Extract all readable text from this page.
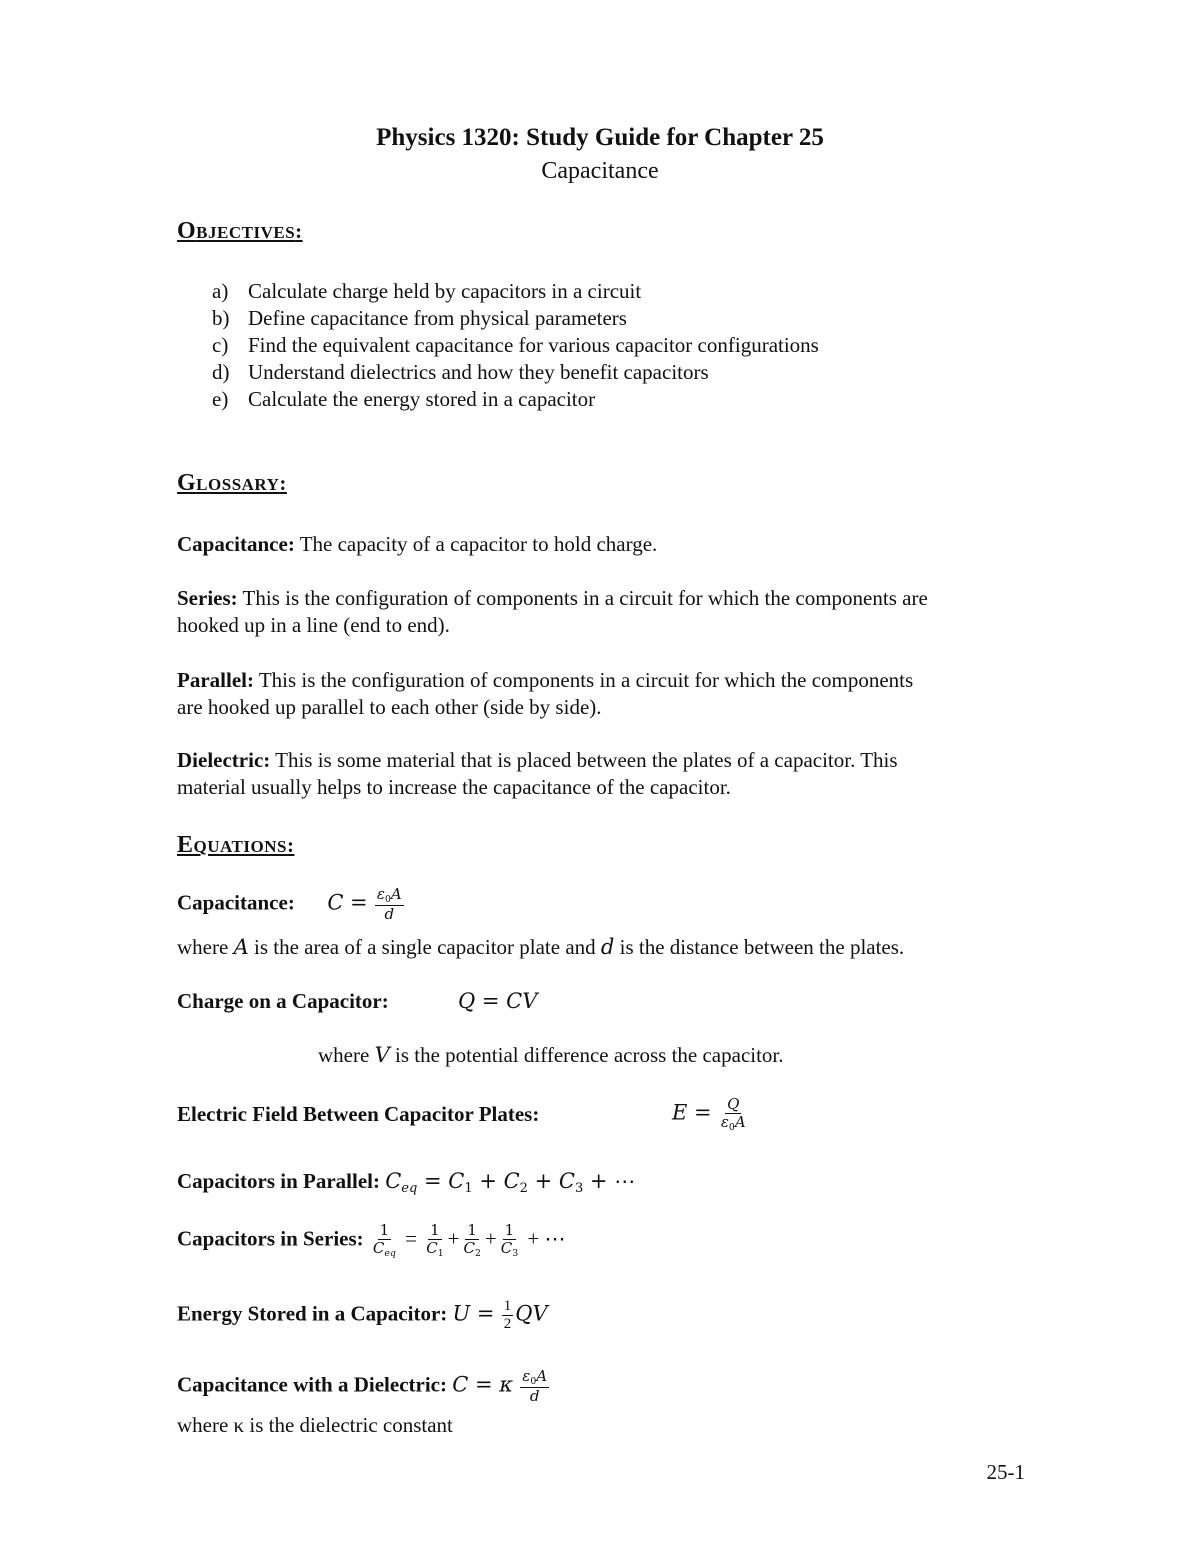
Physics 1320: Study Guide for Chapter 25
Capacitance
OBJECTIVES:
a) Calculate charge held by capacitors in a circuit
b) Define capacitance from physical parameters
c) Find the equivalent capacitance for various capacitor configurations
d) Understand dielectrics and how they benefit capacitors
e) Calculate the energy stored in a capacitor
GLOSSARY:
Capacitance: The capacity of a capacitor to hold charge.
Series: This is the configuration of components in a circuit for which the components are
hooked up in a line (end to end).
Parallel: This is the configuration of components in a circuit for which the components
are hooked up parallel to each other (side by side).
Dielectric: This is some material that is placed between the plates of a capacitor. This
material usually helps to increase the capacitance of the capacitor.
EQUATIONS:
Capacitance: $C = \frac{\varepsilon_0A}{d}$
where A is the area of a single capacitor plate and d is the distance between the plates.
Charge on a Capacitor:	Q = CV
where V is the potential difference across the capacitor.
Electric Field Between Capacitor Plates:	$E = \frac{Q}{\varepsilon_0A}$
Capacitors in Parallel: $C_{eq} = C_1 + C_2 + C_3$ + ⋯
Capacitors in Series: $\frac{1}{C_{eq}} = \frac{1}{C_1} + \frac{1}{C_2} + \frac{1}{C_3}$ + ⋯
Energy Stored in a Capacitor: $U = \frac{1}{2}$ QV
Capacitance with a Dielectric: C = κ $\frac{\varepsilon_0A}{d}$
where κ is the dielectric constant
25-1
